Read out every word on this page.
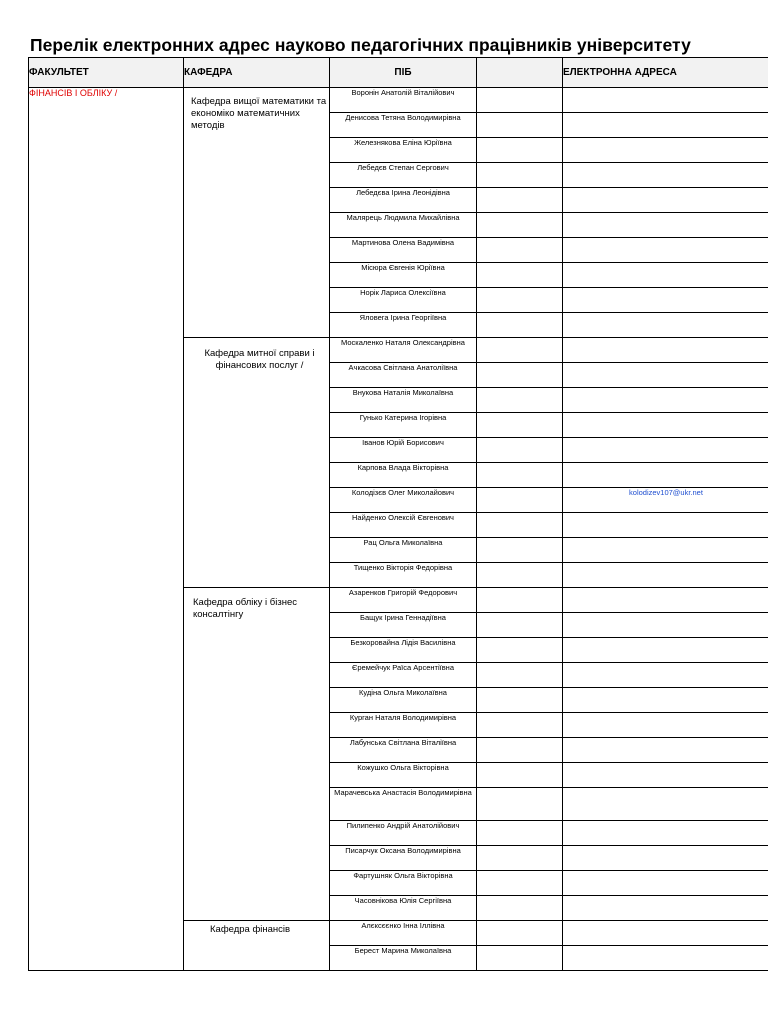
Перелік електронних адрес науково педагогічних працівників університету
ФАКУЛЬТЕТ	КАФЕДРА	ПІБ		ЕЛЕКТРОННА АДРЕСА
ФІНАНСІВ І ОБЛІКУ /	Кафедра вищої математики та економіко математичних методів	Воронін Анатолій Віталійович		
		Денисова Тетяна Володимирівна		
		Железнякова Еліна Юріївна		
		Лебедєв Степан Сергович		
		Лебедєва Ірина Леонідівна		
		Малярець Людмила Михайлівна		
		Мартинова Олена Вадимівна		
		Місюра Євгенія Юріївна		
		Норік Лариса Олексіївна		
		Яловега Ірина Георгіївна		

	Кафедра митної справи і фінансових послуг /	Москаленко Наталя Олександрівна		
		Ачкасова Світлана Анатоліївна		
		Внукова Наталія Миколаївна		
		Гунько Катерина Ігорівна		
		Іванов Юрій Борисович		
		Карпова Влада Вікторівна		
		Колодізєв Олег Миколайович		kolodizev107@ukr.net
		Найденко Олексій Євгенович		
		Рац Ольга Миколаївна		
		Тищенко Вікторія Федорівна		

	Кафедра обліку і бізнес консалтінгу	Азаренков Григорій Федорович		
		Бащук Ірина Геннадіївна		
		Безкоровайна Лідія Василівна		
		Єремейчук Раїса Арсентіївна		
		Кудіна Ольга Миколаївна		
		Курган Наталя Володимирівна		
		Лабунська Світлана Віталіївна		
		Кожушко Ольга Вікторівна		
		Марачевська Анастасія Володимирівна		
		Пилипенко Андрій Анатолійович		
		Писарчук Оксана Володимирівна		
		Фартушняк Ольга Вікторівна		
		Часовнікова Юлія Сергіївна		

	Кафедра фінансів	Алєксєєнко Інна Іллівна		
		Берест Марина Миколаївна		
